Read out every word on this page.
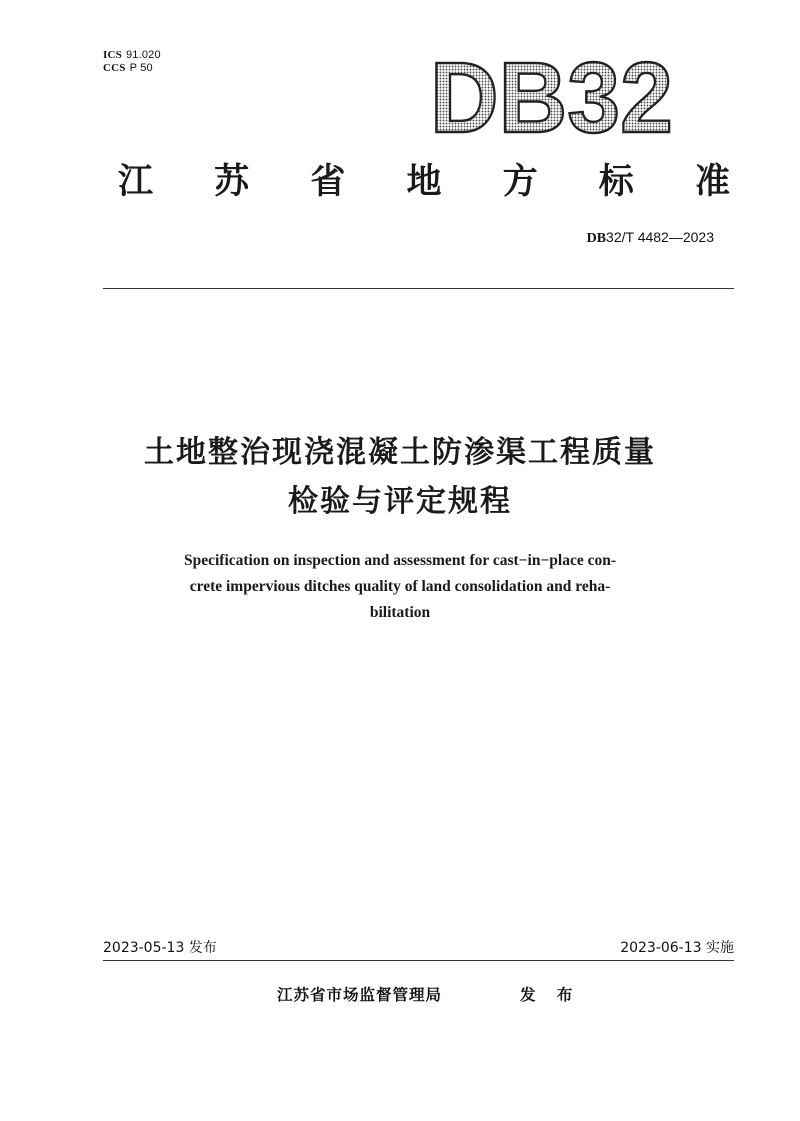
ICS 91.020
CCS P 50	DB32
江 苏 省 地 方 标 准
DB32/T 4482—2023
土地整治现浇混凝土防渗渠工程质量
检验与评定规程
Specification on inspection and assessment for cast−in−place con-
crete impervious ditches quality of land consolidation and reha-
bilitation
2023-05-13 发布	2023-06-13 实施
江苏省市场监督管理局	发 布
